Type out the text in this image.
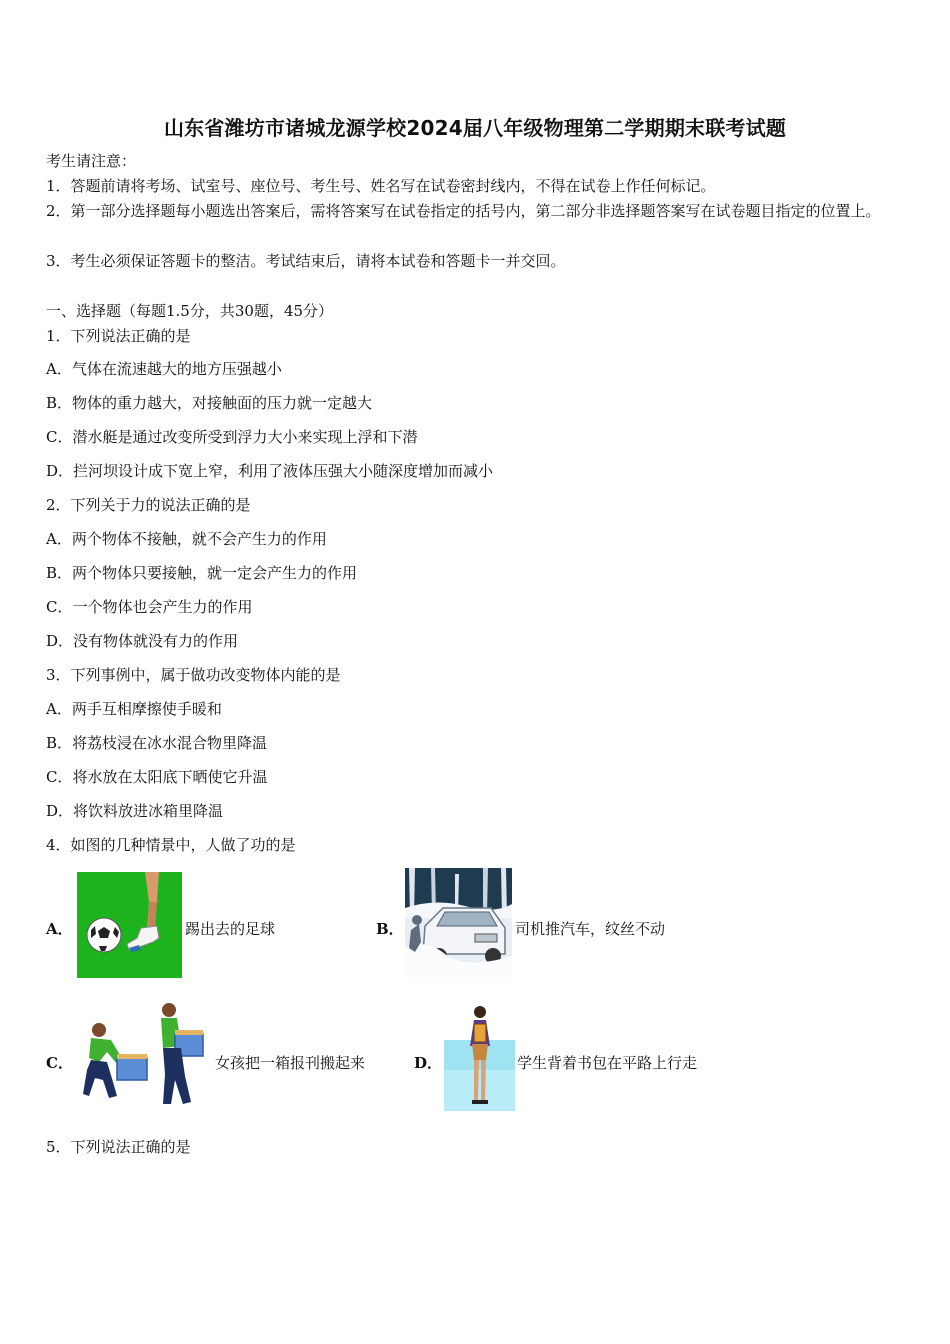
山东省潍坊市诸城龙源学校2024届八年级物理第二学期期末联考试题
考生请注意：
1．答题前请将考场、试室号、座位号、考生号、姓名写在试卷密封线内，不得在试卷上作任何标记。
2．第一部分选择题每小题选出答案后，需将答案写在试卷指定的括号内，第二部分非选择题答案写在试卷题目指定的位置上。
3．考生必须保证答题卡的整洁。考试结束后，请将本试卷和答题卡一并交回。
一、选择题（每题1.5分，共30题，45分）
1．下列说法正确的是
A．气体在流速越大的地方压强越小
B．物体的重力越大，对接触面的压力就一定越大
C．潜水艇是通过改变所受到浮力大小来实现上浮和下潜
D．拦河坝设计成下宽上窄，利用了液体压强大小随深度增加而减小
2．下列关于力的说法正确的是
A．两个物体不接触，就不会产生力的作用
B．两个物体只要接触，就一定会产生力的作用
C．一个物体也会产生力的作用
D．没有物体就没有力的作用
3．下列事例中，属于做功改变物体内能的是
A．两手互相摩擦使手暖和
B．将荔枝浸在冰水混合物里降温
C．将水放在太阳底下晒使它升温
D．将饮料放进冰箱里降温
4．如图的几种情景中，人做了功的是
A．	踢出去的足球	B．	司机推汽车，纹丝不动
C．	女孩把一箱报刊搬起来	D．	学生背着书包在平路上行走
5．下列说法正确的是
